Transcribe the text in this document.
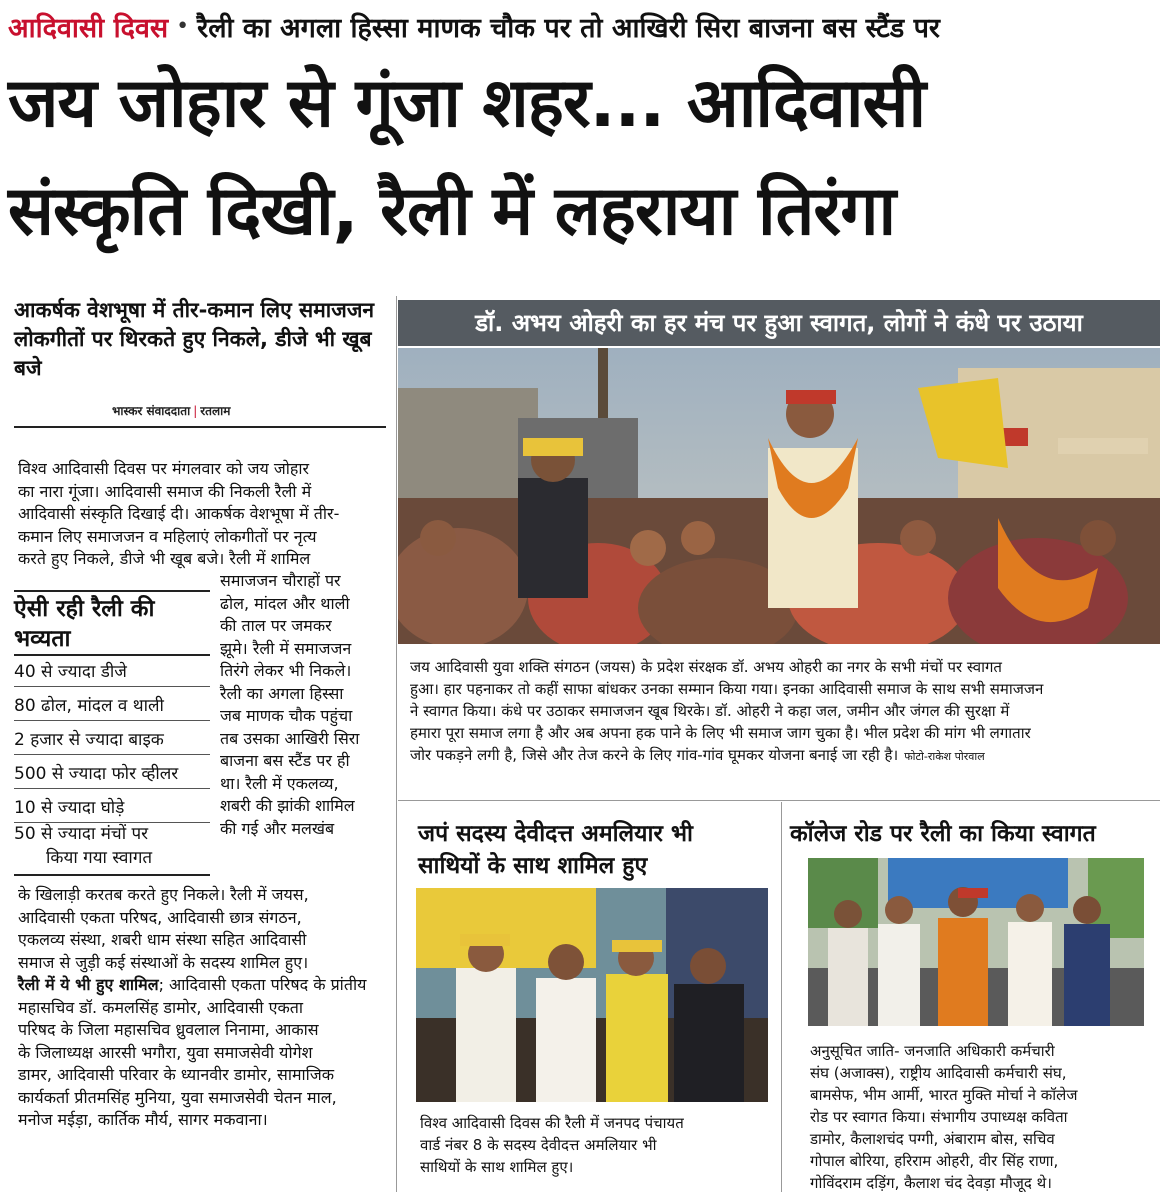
आदिवासी दिवस • रैली का अगला हिस्सा माणक चौक पर तो आखिरी सिरा बाजना बस स्टैंड पर
जय जोहार से गूंजा शहर... आदिवासी
संस्कृति दिखी, रैली में लहराया तिरंगा
आकर्षक वेशभूषा में तीर-कमान लिए समाजजन लोकगीतों पर थिरकते हुए निकले, डीजे भी खूब बजे
भास्कर संवाददाता | रतलाम
विश्व आदिवासी दिवस पर मंगलवार को जय जोहार
का नारा गूंजा। आदिवासी समाज की निकली रैली में
आदिवासी संस्कृति दिखाई दी। आकर्षक वेशभूषा में तीर-
कमान लिए समाजजन व महिलाएं लोकगीतों पर नृत्य
करते हुए निकले, डीजे भी खूब बजे। रैली में शामिल
ऐसी रही रैली की भव्यता
40 से ज्यादा डीजे
80 ढोल, मांदल व थाली
2 हजार से ज्यादा बाइक
500 से ज्यादा फोर व्हीलर
10 से ज्यादा घोड़े
50 से ज्यादा मंचों पर
किया गया स्वागत
समाजजन चौराहों पर
ढोल, मांदल और थाली
की ताल पर जमकर
झूमे। रैली में समाजजन
तिरंगे लेकर भी निकले।
रैली का अगला हिस्सा
जब माणक चौक पहुंचा
तब उसका आखिरी सिरा
बाजना बस स्टैंड पर ही
था। रैली में एकलव्य,
शबरी की झांकी शामिल
की गई और मलखंब
के खिलाड़ी करतब करते हुए निकले। रैली में जयस,
आदिवासी एकता परिषद, आदिवासी छात्र संगठन,
एकलव्य संस्था, शबरी धाम संस्था सहित आदिवासी
समाज से जुड़ी कई संस्थाओं के सदस्य शामिल हुए।
रैली में ये भी हुए शामिल; आदिवासी एकता परिषद के प्रांतीय
महासचिव डॉ. कमलसिंह डामोर, आदिवासी एकता
परिषद के जिला महासचिव ध्रुवलाल निनामा, आकास
के जिलाध्यक्ष आरसी भगौरा, युवा समाजसेवी योगेश
डामर, आदिवासी परिवार के ध्यानवीर डामोर, सामाजिक
कार्यकर्ता प्रीतमसिंह मुनिया, युवा समाजसेवी चेतन माल,
मनोज मईड़ा, कार्तिक मौर्य, सागर मकवाना।
डॉ. अभय ओहरी का हर मंच पर हुआ स्वागत, लोगों ने कंधे पर उठाया
जय आदिवासी युवा शक्ति संगठन (जयस) के प्रदेश संरक्षक डॉ. अभय ओहरी का नगर के सभी मंचों पर स्वागत
हुआ। हार पहनाकर तो कहीं साफा बांधकर उनका सम्मान किया गया। इनका आदिवासी समाज के साथ सभी समाजजन
ने स्वागत किया। कंधे पर उठाकर समाजजन खूब थिरके। डॉ. ओहरी ने कहा जल, जमीन और जंगल की सुरक्षा में
हमारा पूरा समाज लगा है और अब अपना हक पाने के लिए भी समाज जाग चुका है। भील प्रदेश की मांग भी लगातार
जोर पकड़ने लगी है, जिसे और तेज करने के लिए गांव-गांव घूमकर योजना बनाई जा रही है। फोटो-राकेश पोरवाल
जपं सदस्य देवीदत्त अमलियार भी
साथियों के साथ शामिल हुए
विश्व आदिवासी दिवस की रैली में जनपद पंचायत
वार्ड नंबर 8 के सदस्य देवीदत्त अमलियार भी
साथियों के साथ शामिल हुए।
कॉलेज रोड पर रैली का किया स्वागत
अनुसूचित जाति- जनजाति अधिकारी कर्मचारी
संघ (अजाक्स), राष्ट्रीय आदिवासी कर्मचारी संघ,
बामसेफ, भीम आर्मी, भारत मुक्ति मोर्चा ने कॉलेज
रोड पर स्वागत किया। संभागीय उपाध्यक्ष कविता
डामोर, कैलाशचंद पग्गी, अंबाराम बोस, सचिव
गोपाल बोरिया, हरिराम ओहरी, वीर सिंह राणा,
गोविंदराम दड़िंग, कैलाश चंद देवड़ा मौजूद थे।
